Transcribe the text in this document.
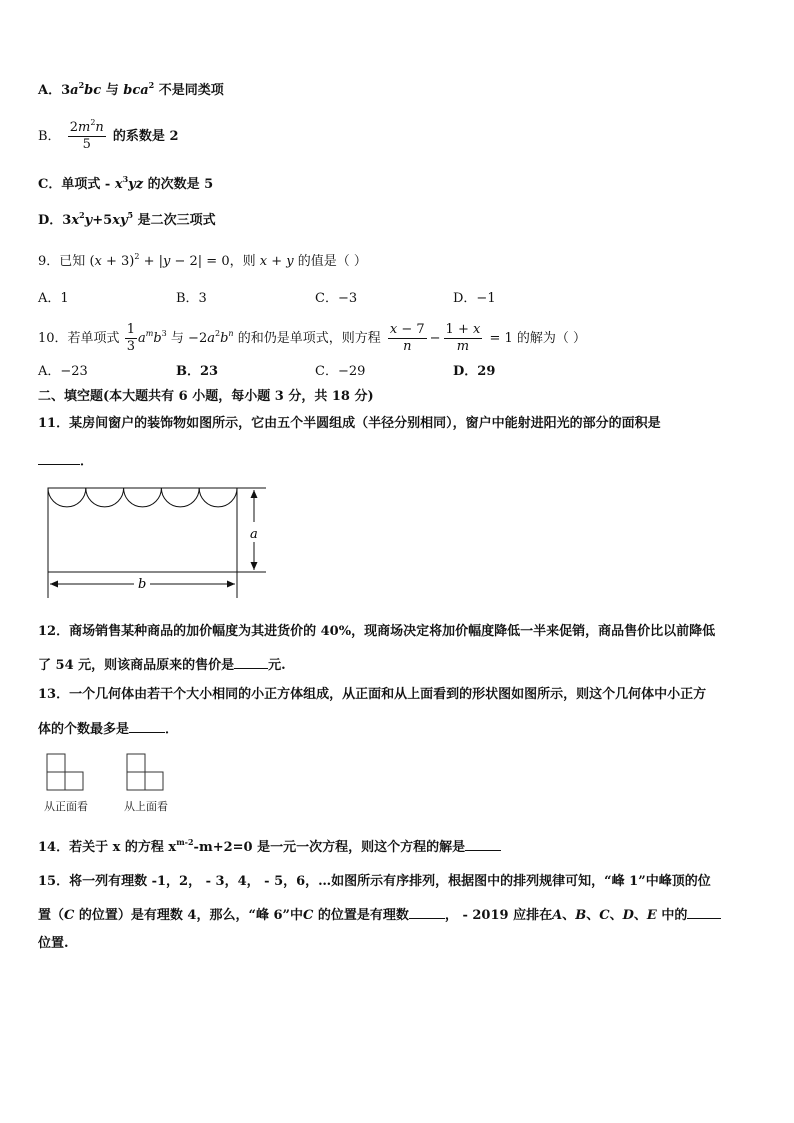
A．$3a^2bc$ 与 bca$^2$ 不是同类项
B． $\frac{2m^2n}{5}$ 的系数是 2
C．单项式 - $x^3yz$ 的次数是 5
D．$3x^2y+5xy^5$ 是二次三项式
9．已知 $(x + 3)^2 + |y - 2| = 0$，则 x + y 的值是（ ）
A．1	B．3	C．−3	D．−1
10．若单项式 $\frac{1}{3} a^mb^3$ 与 $-2a^2b^n$ 的和仍是单项式，则方程 $\frac{x - 7}{n} - \frac{1 + x}{m} = 1$ 的解为（ ）
A．−23	B．23	C．−29	D．29
二、填空题(本大题共有 6 小题，每小题 3 分，共 18 分)
11．某房间窗户的装饰物如图所示，它由五个半圆组成（半径分别相同），窗户中能射进阳光的部分的面积是
．
a
b
12．商场销售某种商品的加价幅度为其进货价的 40%，现商场决定将加价幅度降低一半来促销，商品售价比以前降低
了 54 元，则该商品原来的售价是	元.
13．一个几何体由若干个大小相同的小正方体组成，从正面和从上面看到的形状图如图所示，则这个几何体中小正方
体的个数最多是	．
从正面看	从上面看
14．若关于 x 的方程 $x^{m-2}-m+2=0$ 是一元一次方程，则这个方程的解是
15．将一列有理数 -1，2， - 3，4， - 5，6，…如图所示有序排列，根据图中的排列规律可知，“峰 1”中峰顶的位
置（C 的位置）是有理数 4，那么，“峰 6”中C 的位置是有理数	， - 2019 应排在A、B、C、D、E 中的
位置.
